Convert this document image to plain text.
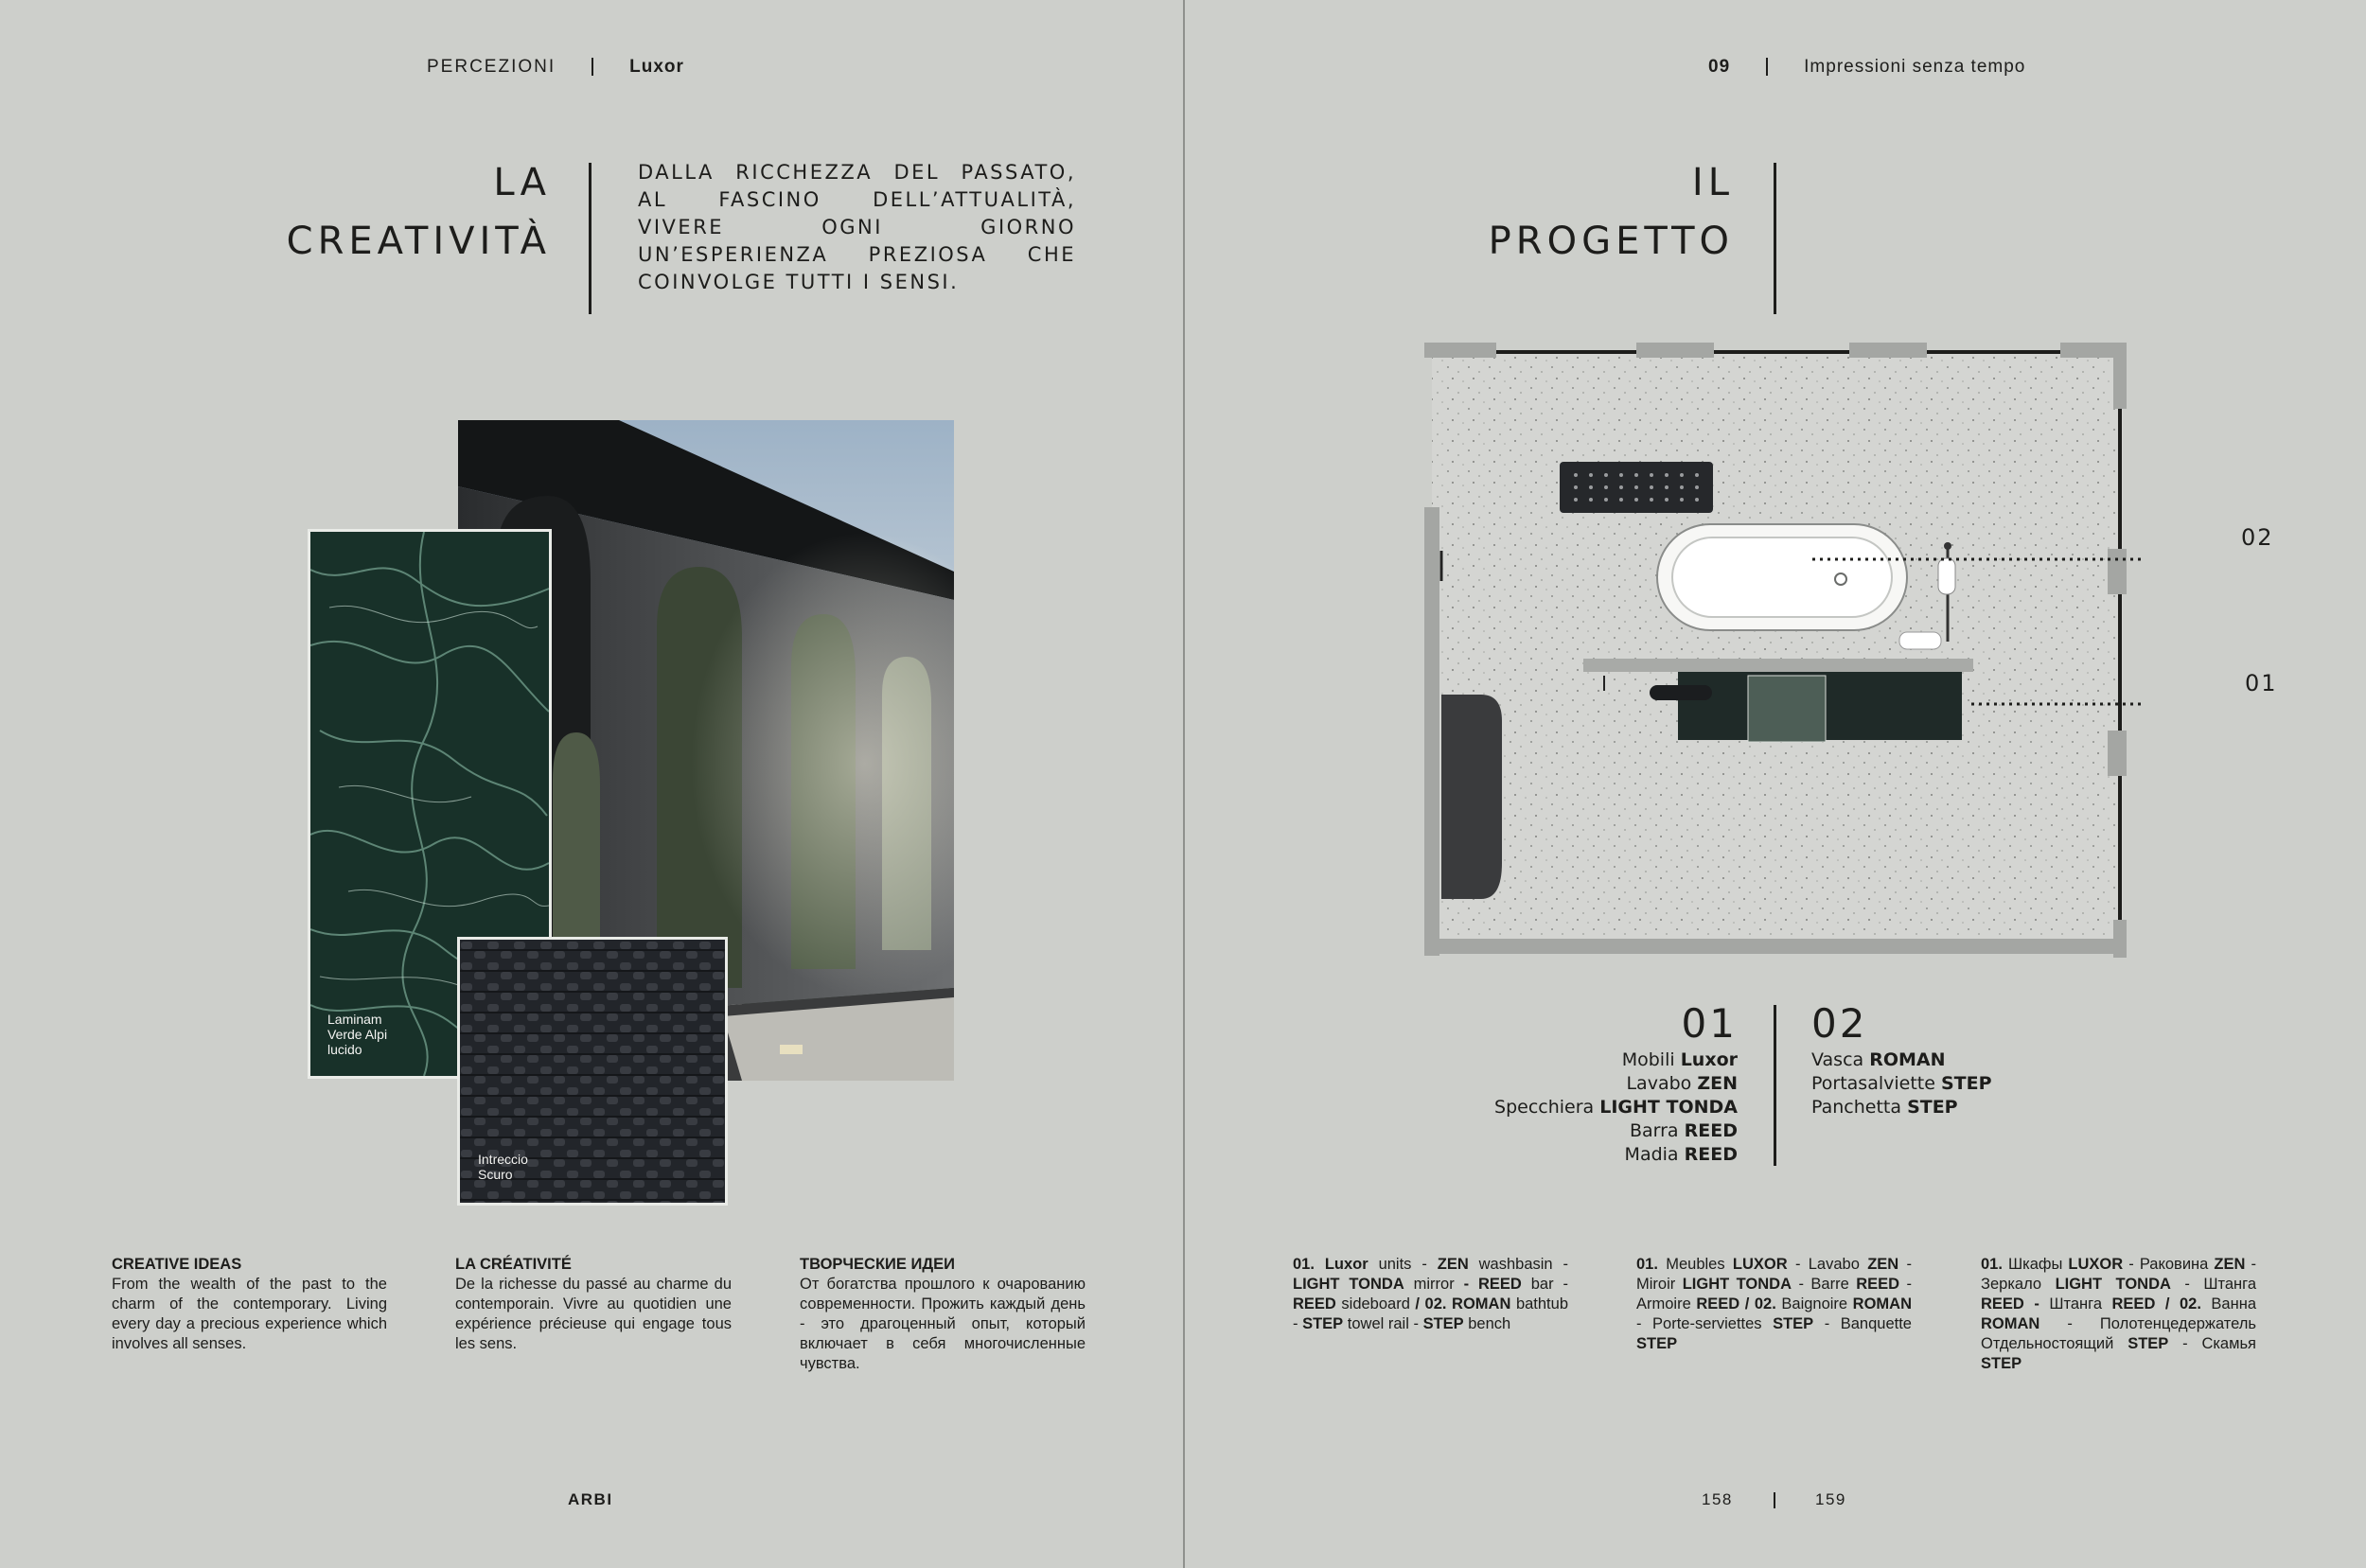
PERCEZIONI	Luxor
LA
CREATIVITÀ
DALLA RICCHEZZA DEL PASSATO, AL FASCINO DELL’ATTUALITÀ, VIVERE OGNI GIORNO UN’ESPERIENZA PREZIOSA CHE COINVOLGE TUTTI I SENSI.
Laminam
Verde Alpi
lucido
Intreccio
Scuro
CREATIVE IDEAS

From the wealth of the past to the charm of the contemporary. Living every day a precious experience which involves all senses.

LA CRÉATIVITÉ

De la richesse du passé au charme du contemporain. Vivre au quotidien une expérience précieuse qui engage tous les sens.

ТВОРЧЕСКИЕ ИДЕИ

От богатства прошлого к очарованию современности. Прожить каждый день - это драгоценный опыт, который включает в себя многочисленные чувства.

ARBI
09	Impressioni senza tempo
IL
PROGETTO
02
01
01
Mobili Luxor
Lavabo ZEN
Specchiera LIGHT TONDA
Barra REED
Madia REED
02
Vasca ROMAN
Portasalviette STEP
Panchetta STEP

01. Luxor units - ZEN washbasin - LIGHT TONDA mirror - REED bar - REED sideboard / 02. ROMAN bathtub - STEP towel rail - STEP bench

01. Meubles LUXOR - Lavabo ZEN - Miroir LIGHT TONDA - Barre REED - Armoire REED / 02. Baignoire ROMAN - Porte-serviettes STEP - Banquette STEP

01. Шкафы LUXOR - Раковина ZEN - Зеркало LIGHT TONDA - Штанга REED - Штанга REED / 02. Ванна ROMAN - Полотенцедержатель Отдельностоящий STEP - Скамья STEP

158	159
